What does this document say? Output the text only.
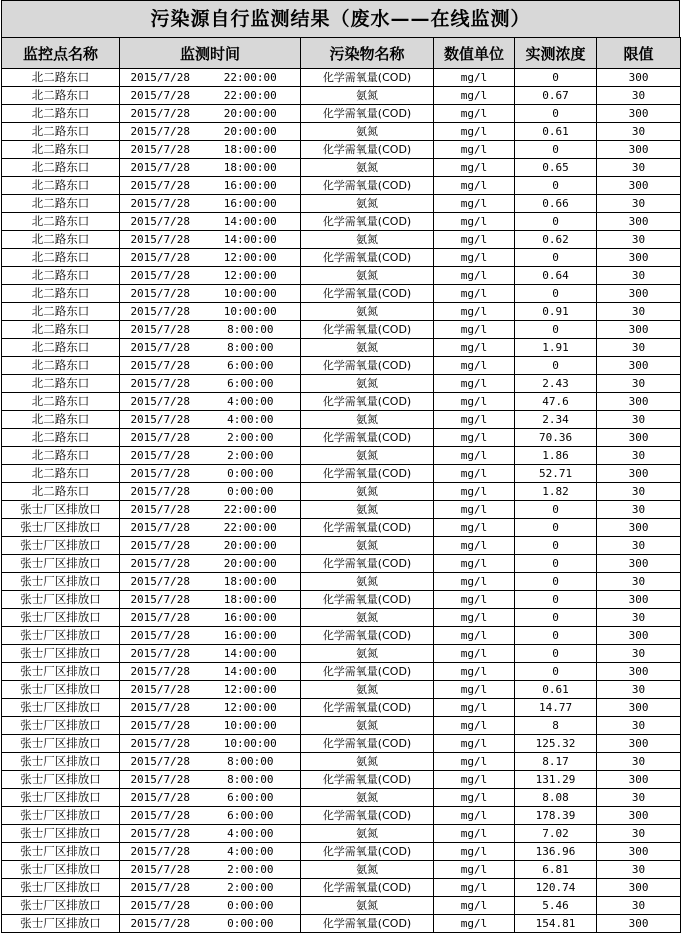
污染源自行监测结果（废水——在线监测）
监控点名称	监测时间		污染物名称	数值单位	实测浓度	限值
北二路东口	2015/7/28	22:00:00	化学需氧量(COD)	mg/l	0	300
北二路东口	2015/7/28	22:00:00	氨氮	mg/l	0.67	30
北二路东口	2015/7/28	20:00:00	化学需氧量(COD)	mg/l	0	300
北二路东口	2015/7/28	20:00:00	氨氮	mg/l	0.61	30
北二路东口	2015/7/28	18:00:00	化学需氧量(COD)	mg/l	0	300
北二路东口	2015/7/28	18:00:00	氨氮	mg/l	0.65	30
北二路东口	2015/7/28	16:00:00	化学需氧量(COD)	mg/l	0	300
北二路东口	2015/7/28	16:00:00	氨氮	mg/l	0.66	30
北二路东口	2015/7/28	14:00:00	化学需氧量(COD)	mg/l	0	300
北二路东口	2015/7/28	14:00:00	氨氮	mg/l	0.62	30
北二路东口	2015/7/28	12:00:00	化学需氧量(COD)	mg/l	0	300
北二路东口	2015/7/28	12:00:00	氨氮	mg/l	0.64	30
北二路东口	2015/7/28	10:00:00	化学需氧量(COD)	mg/l	0	300
北二路东口	2015/7/28	10:00:00	氨氮	mg/l	0.91	30
北二路东口	2015/7/28	8:00:00	化学需氧量(COD)	mg/l	0	300
北二路东口	2015/7/28	8:00:00	氨氮	mg/l	1.91	30
北二路东口	2015/7/28	6:00:00	化学需氧量(COD)	mg/l	0	300
北二路东口	2015/7/28	6:00:00	氨氮	mg/l	2.43	30
北二路东口	2015/7/28	4:00:00	化学需氧量(COD)	mg/l	47.6	300
北二路东口	2015/7/28	4:00:00	氨氮	mg/l	2.34	30
北二路东口	2015/7/28	2:00:00	化学需氧量(COD)	mg/l	70.36	300
北二路东口	2015/7/28	2:00:00	氨氮	mg/l	1.86	30
北二路东口	2015/7/28	0:00:00	化学需氧量(COD)	mg/l	52.71	300
北二路东口	2015/7/28	0:00:00	氨氮	mg/l	1.82	30
张士厂区排放口	2015/7/28	22:00:00	氨氮	mg/l	0	30
张士厂区排放口	2015/7/28	22:00:00	化学需氧量(COD)	mg/l	0	300
张士厂区排放口	2015/7/28	20:00:00	氨氮	mg/l	0	30
张士厂区排放口	2015/7/28	20:00:00	化学需氧量(COD)	mg/l	0	300
张士厂区排放口	2015/7/28	18:00:00	氨氮	mg/l	0	30
张士厂区排放口	2015/7/28	18:00:00	化学需氧量(COD)	mg/l	0	300
张士厂区排放口	2015/7/28	16:00:00	氨氮	mg/l	0	30
张士厂区排放口	2015/7/28	16:00:00	化学需氧量(COD)	mg/l	0	300
张士厂区排放口	2015/7/28	14:00:00	氨氮	mg/l	0	30
张士厂区排放口	2015/7/28	14:00:00	化学需氧量(COD)	mg/l	0	300
张士厂区排放口	2015/7/28	12:00:00	氨氮	mg/l	0.61	30
张士厂区排放口	2015/7/28	12:00:00	化学需氧量(COD)	mg/l	14.77	300
张士厂区排放口	2015/7/28	10:00:00	氨氮	mg/l	8	30
张士厂区排放口	2015/7/28	10:00:00	化学需氧量(COD)	mg/l	125.32	300
张士厂区排放口	2015/7/28	8:00:00	氨氮	mg/l	8.17	30
张士厂区排放口	2015/7/28	8:00:00	化学需氧量(COD)	mg/l	131.29	300
张士厂区排放口	2015/7/28	6:00:00	氨氮	mg/l	8.08	30
张士厂区排放口	2015/7/28	6:00:00	化学需氧量(COD)	mg/l	178.39	300
张士厂区排放口	2015/7/28	4:00:00	氨氮	mg/l	7.02	30
张士厂区排放口	2015/7/28	4:00:00	化学需氧量(COD)	mg/l	136.96	300
张士厂区排放口	2015/7/28	2:00:00	氨氮	mg/l	6.81	30
张士厂区排放口	2015/7/28	2:00:00	化学需氧量(COD)	mg/l	120.74	300
张士厂区排放口	2015/7/28	0:00:00	氨氮	mg/l	5.46	30
张士厂区排放口	2015/7/28	0:00:00	化学需氧量(COD)	mg/l	154.81	300
